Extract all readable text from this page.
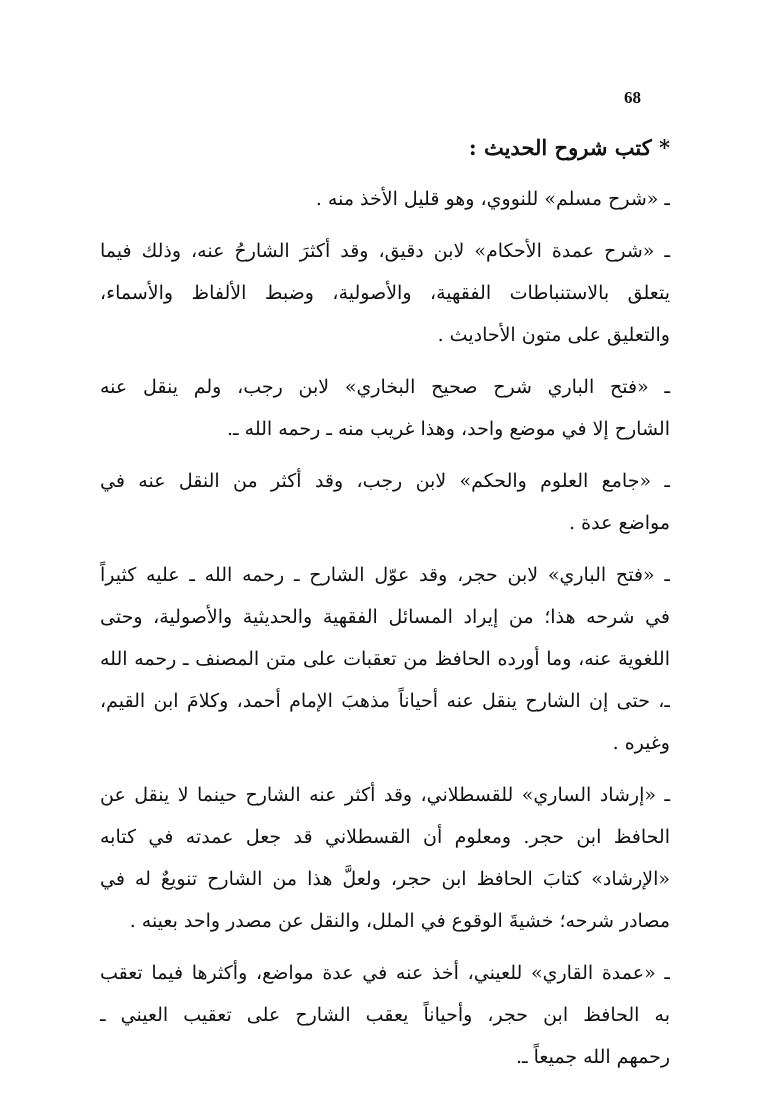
68
* كتب شروح الحديث :
ـ «شرح مسلم» للنووي، وهو قليل الأخذ منه .
ـ «شرح عمدة الأحكام» لابن دقيق، وقد أكثرَ الشارحُ عنه، وذلك فيما
يتعلق بالاستنباطات الفقهية، والأصولية، وضبط الألفاظ والأسماء،
والتعليق على متون الأحاديث .
ـ «فتح الباري شرح صحيح البخاري» لابن رجب، ولم ينقل عنه
الشارح إلا في موضع واحد، وهذا غريب منه ـ رحمه الله ـ.
ـ «جامع العلوم والحكم» لابن رجب، وقد أكثر من النقل عنه في
مواضع عدة .
ـ «فتح الباري» لابن حجر، وقد عوّل الشارح ـ رحمه الله ـ عليه كثيراً
في شرحه هذا؛ من إيراد المسائل الفقهية والحديثية والأصولية، وحتى
اللغوية عنه، وما أورده الحافظ من تعقبات على متن المصنف ـ رحمه الله
ـ، حتى إن الشارح ينقل عنه أحياناً مذهبَ الإمام أحمد، وكلامَ ابن القيم،
وغيره .
ـ «إرشاد الساري» للقسطلاني، وقد أكثر عنه الشارح حينما لا ينقل عن
الحافظ ابن حجر. ومعلوم أن القسطلاني قد جعل عمدته في كتابه
«الإرشاد» كتابَ الحافظ ابن حجر، ولعلَّ هذا من الشارح تنويعٌ له في
مصادر شرحه؛ خشيةَ الوقوع في الملل، والنقل عن مصدر واحد بعينه .
ـ «عمدة القاري» للعيني، أخذ عنه في عدة مواضع، وأكثرها فيما تعقب
به الحافظ ابن حجر، وأحياناً يعقب الشارح على تعقيب العيني ـ
رحمهم الله جميعاً ـ.
